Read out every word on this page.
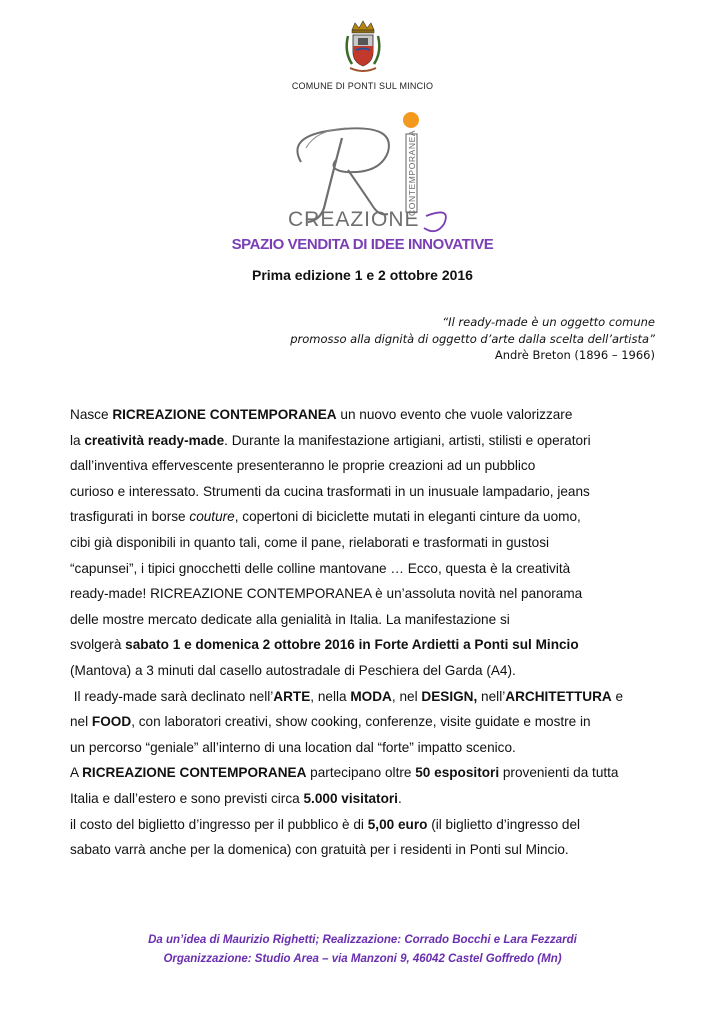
COMUNE DI PONTI SUL MINCIO
CONTEMPORANEA
CREAZIONE
SPAZIO VENDITA DI IDEE INNOVATIVE
Prima edizione 1 e 2 ottobre 2016
“Il ready-made è un oggetto comune
promosso alla dignità di oggetto d’arte dalla scelta dell’artista”
Andrè Breton (1896 – 1966)
Nasce RICREAZIONE CONTEMPORANEA un nuovo evento che vuole valorizzare
la creatività ready-made. Durante la manifestazione artigiani, artisti, stilisti e operatori
dall’inventiva effervescente presenteranno le proprie creazioni ad un pubblico
curioso e interessato. Strumenti da cucina trasformati in un inusuale lampadario, jeans
trasfigurati in borse couture, copertoni di biciclette mutati in eleganti cinture da uomo,
cibi già disponibili in quanto tali, come il pane, rielaborati e trasformati in gustosi
“capunsei”, i tipici gnocchetti delle colline mantovane … Ecco, questa è la creatività
ready-made! RICREAZIONE CONTEMPORANEA è un’assoluta novità nel panorama
delle mostre mercato dedicate alla genialità in Italia. La manifestazione si
svolgerà sabato 1 e domenica 2 ottobre 2016 in Forte Ardietti a Ponti sul Mincio
(Mantova) a 3 minuti dal casello autostradale di Peschiera del Garda (A4).
Il ready-made sarà declinato nell’ARTE, nella MODA, nel DESIGN, nell’ARCHITETTURA e
nel FOOD, con laboratori creativi, show cooking, conferenze, visite guidate e mostre in
un percorso “geniale” all’interno di una location dal “forte” impatto scenico.
A RICREAZIONE CONTEMPORANEA partecipano oltre 50 espositori provenienti da tutta
Italia e dall’estero e sono previsti circa 5.000 visitatori.
il costo del biglietto d’ingresso per il pubblico è di 5,00 euro (il biglietto d’ingresso del
sabato varrà anche per la domenica) con gratuità per i residenti in Ponti sul Mincio.
Da un’idea di Maurizio Righetti; Realizzazione: Corrado Bocchi e Lara Fezzardi
Organizzazione: Studio Area – via Manzoni 9, 46042 Castel Goffredo (Mn)
